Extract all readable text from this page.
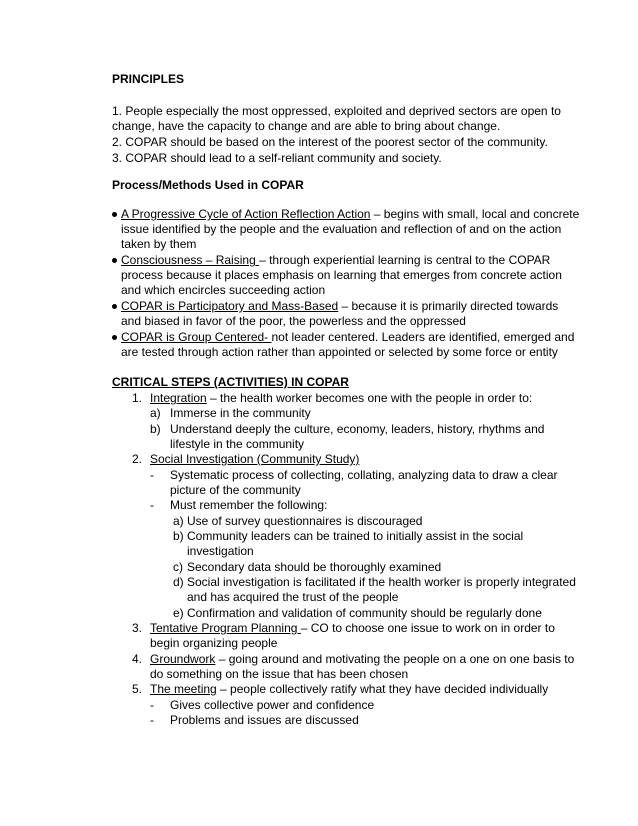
PRINCIPLES
1. People especially the most oppressed, exploited and deprived sectors are open to
change, have the capacity to change and are able to bring about change.
2. COPAR should be based on the interest of the poorest sector of the community.
3. COPAR should lead to a self-reliant community and society.
Process/Methods Used in COPAR
A Progressive Cycle of Action Reflection Action – begins with small, local and concrete
issue identified by the people and the evaluation and reflection of and on the action
taken by them
Consciousness – Raising – through experiential learning is central to the COPAR
process because it places emphasis on learning that emerges from concrete action
and which encircles succeeding action
COPAR is Participatory and Mass-Based – because it is primarily directed towards
and biased in favor of the poor, the powerless and the oppressed
COPAR is Group Centered- not leader centered. Leaders are identified, emerged and
are tested through action rather than appointed or selected by some force or entity
CRITICAL STEPS (ACTIVITIES) IN COPAR
1. Integration – the health worker becomes one with the people in order to:
a) Immerse in the community
b) Understand deeply the culture, economy, leaders, history, rhythms and
lifestyle in the community
2. Social Investigation (Community Study)
- Systematic process of collecting, collating, analyzing data to draw a clear
picture of the community
- Must remember the following:
a) Use of survey questionnaires is discouraged
b) Community leaders can be trained to initially assist in the social
investigation
c) Secondary data should be thoroughly examined
d) Social investigation is facilitated if the health worker is properly integrated
and has acquired the trust of the people
e) Confirmation and validation of community should be regularly done
3. Tentative Program Planning – CO to choose one issue to work on in order to
begin organizing people
4. Groundwork – going around and motivating the people on a one on one basis to
do something on the issue that has been chosen
5. The meeting – people collectively ratify what they have decided individually
- Gives collective power and confidence
- Problems and issues are discussed
